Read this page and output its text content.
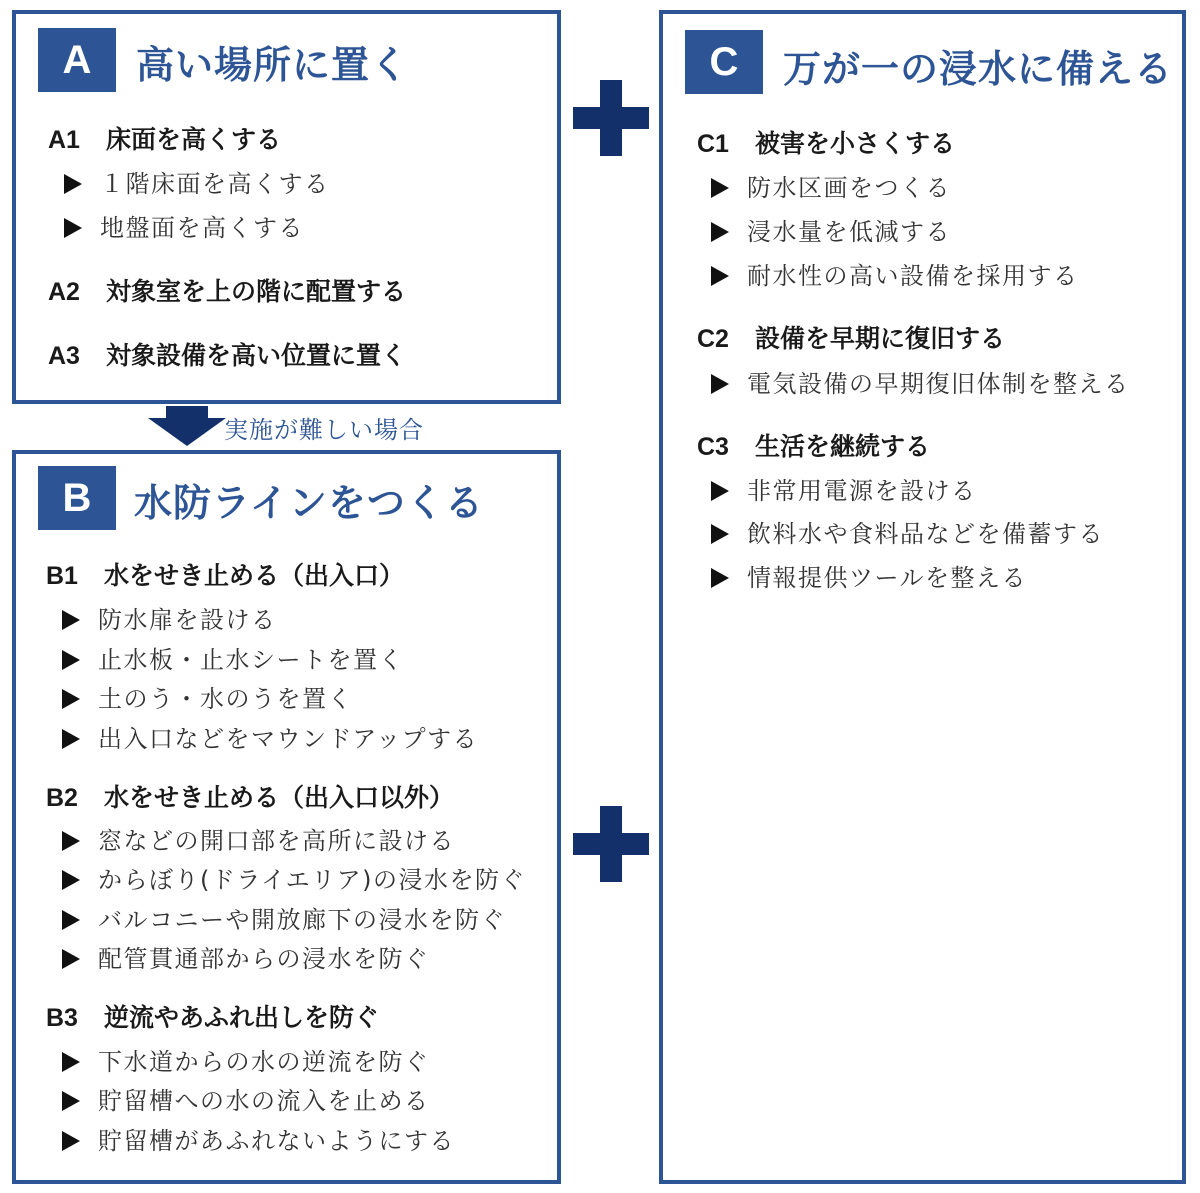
A	高い場所に置く
A1 床面を高くする
１階床面を高くする
地盤面を高くする
A2 対象室を上の階に配置する
A3 対象設備を高い位置に置く
実施が難しい場合
B	水防ラインをつくる
B1 水をせき止める（出入口）
防水扉を設ける
止水板・止水シートを置く
土のう・水のうを置く
出入口などをマウンドアップする
B2 水をせき止める（出入口以外）
窓などの開口部を高所に設ける
からぼり(ドライエリア)の浸水を防ぐ
バルコニーや開放廊下の浸水を防ぐ
配管貫通部からの浸水を防ぐ
B3 逆流やあふれ出しを防ぐ
下水道からの水の逆流を防ぐ
貯留槽への水の流入を止める
貯留槽があふれないようにする
C	万が一の浸水に備える
C1 被害を小さくする
防水区画をつくる
浸水量を低減する
耐水性の高い設備を採用する
C2 設備を早期に復旧する
電気設備の早期復旧体制を整える
C3 生活を継続する
非常用電源を設ける
飲料水や食料品などを備蓄する
情報提供ツールを整える
